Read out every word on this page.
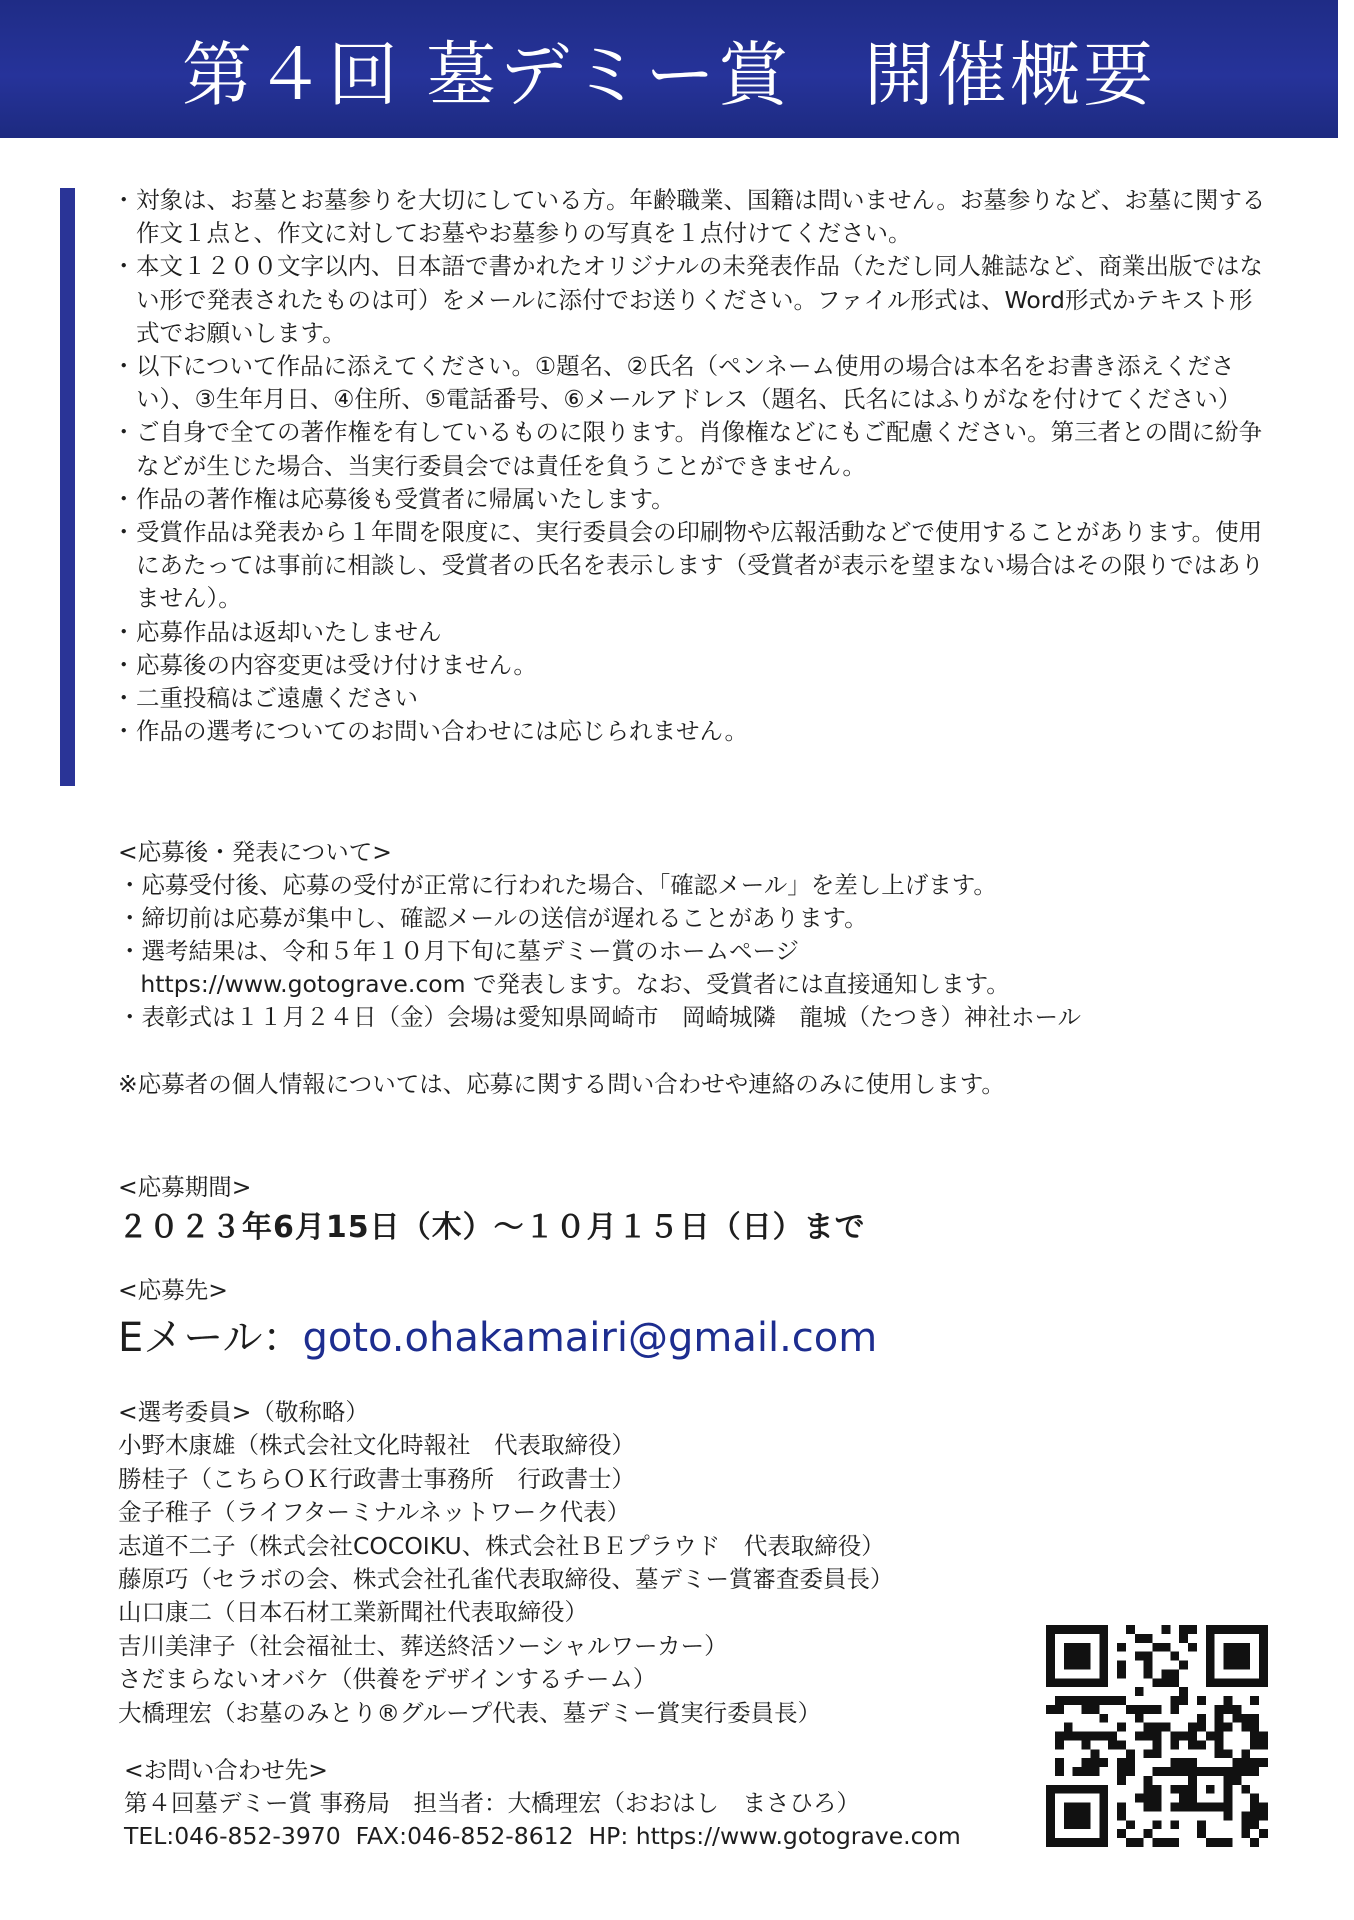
第４回 墓デミー賞　開催概要
・ 対象は、お墓とお墓参りを大切にしている方。年齢職業、国籍は問いません。お墓参りなど、お墓に関する作文１点と、作文に対してお墓やお墓参りの写真を１点付けてください。
・ 本文１２００文字以内、日本語で書かれたオリジナルの未発表作品（ただし同人雑誌など、商業出版ではない形で発表されたものは可）をメールに添付でお送りください。ファイル形式は、Word形式かテキスト形式でお願いします。
・ 以下について作品に添えてください。①題名、②氏名（ペンネーム使用の場合は本名をお書き添えください）、③生年月日、④住所、⑤電話番号、⑥メールアドレス（題名、氏名にはふりがなを付けてください）
・ ご自身で全ての著作権を有しているものに限ります。肖像権などにもご配慮ください。第三者との間に紛争などが生じた場合、当実行委員会では責任を負うことができません。
・ 作品の著作権は応募後も受賞者に帰属いたします。
・ 受賞作品は発表から１年間を限度に、実行委員会の印刷物や広報活動などで使用することがあります。使用にあたっては事前に相談し、受賞者の氏名を表示します（受賞者が表示を望まない場合はその限りではありません）。
・ 応募作品は返却いたしません
・ 応募後の内容変更は受け付けません。
・ 二重投稿はご遠慮ください
・ 作品の選考についてのお問い合わせには応じられません。

<応募後・発表について>

・応募受付後、応募の受付が正常に行われた場合、「確認メール」を差し上げます。

・締切前は応募が集中し、確認メールの送信が遅れることがあります。

・選考結果は、令和５年１０月下旬に墓デミー賞のホームページ

https://www.gotograve.com で発表します。なお、受賞者には直接通知します。

・表彰式は１１月２４日（金）会場は愛知県岡崎市　岡崎城隣　龍城（たつき）神社ホール

※応募者の個人情報については、応募に関する問い合わせや連絡のみに使用します。

<応募期間>

２０２３年6月15日（木）～１０月１５日（日）まで

<応募先>

Eメール：goto.ohakamairi@gmail.com

<選考委員>（敬称略）

小野木康雄（株式会社文化時報社　代表取締役）

勝桂子（こちらＯＫ行政書士事務所　行政書士）

金子稚子（ライフターミナルネットワーク代表）

志道不二子（株式会社COCOIKU、株式会社ＢＥプラウド　代表取締役）

藤原巧（セラボの会、株式会社孔雀代表取締役、墓デミー賞審査委員長）

山口康二（日本石材工業新聞社代表取締役）

吉川美津子（社会福祉士、葬送終活ソーシャルワーカー）

さだまらないオバケ（供養をデザインするチーム）

大橋理宏（お墓のみとり®グループ代表、墓デミー賞実行委員長）

<お問い合わせ先>

第４回墓デミー賞 事務局　担当者：大橋理宏（おおはし　まさひろ）

TEL:046-852-3970  FAX:046-852-8612  HP: https://www.gotograve.com
